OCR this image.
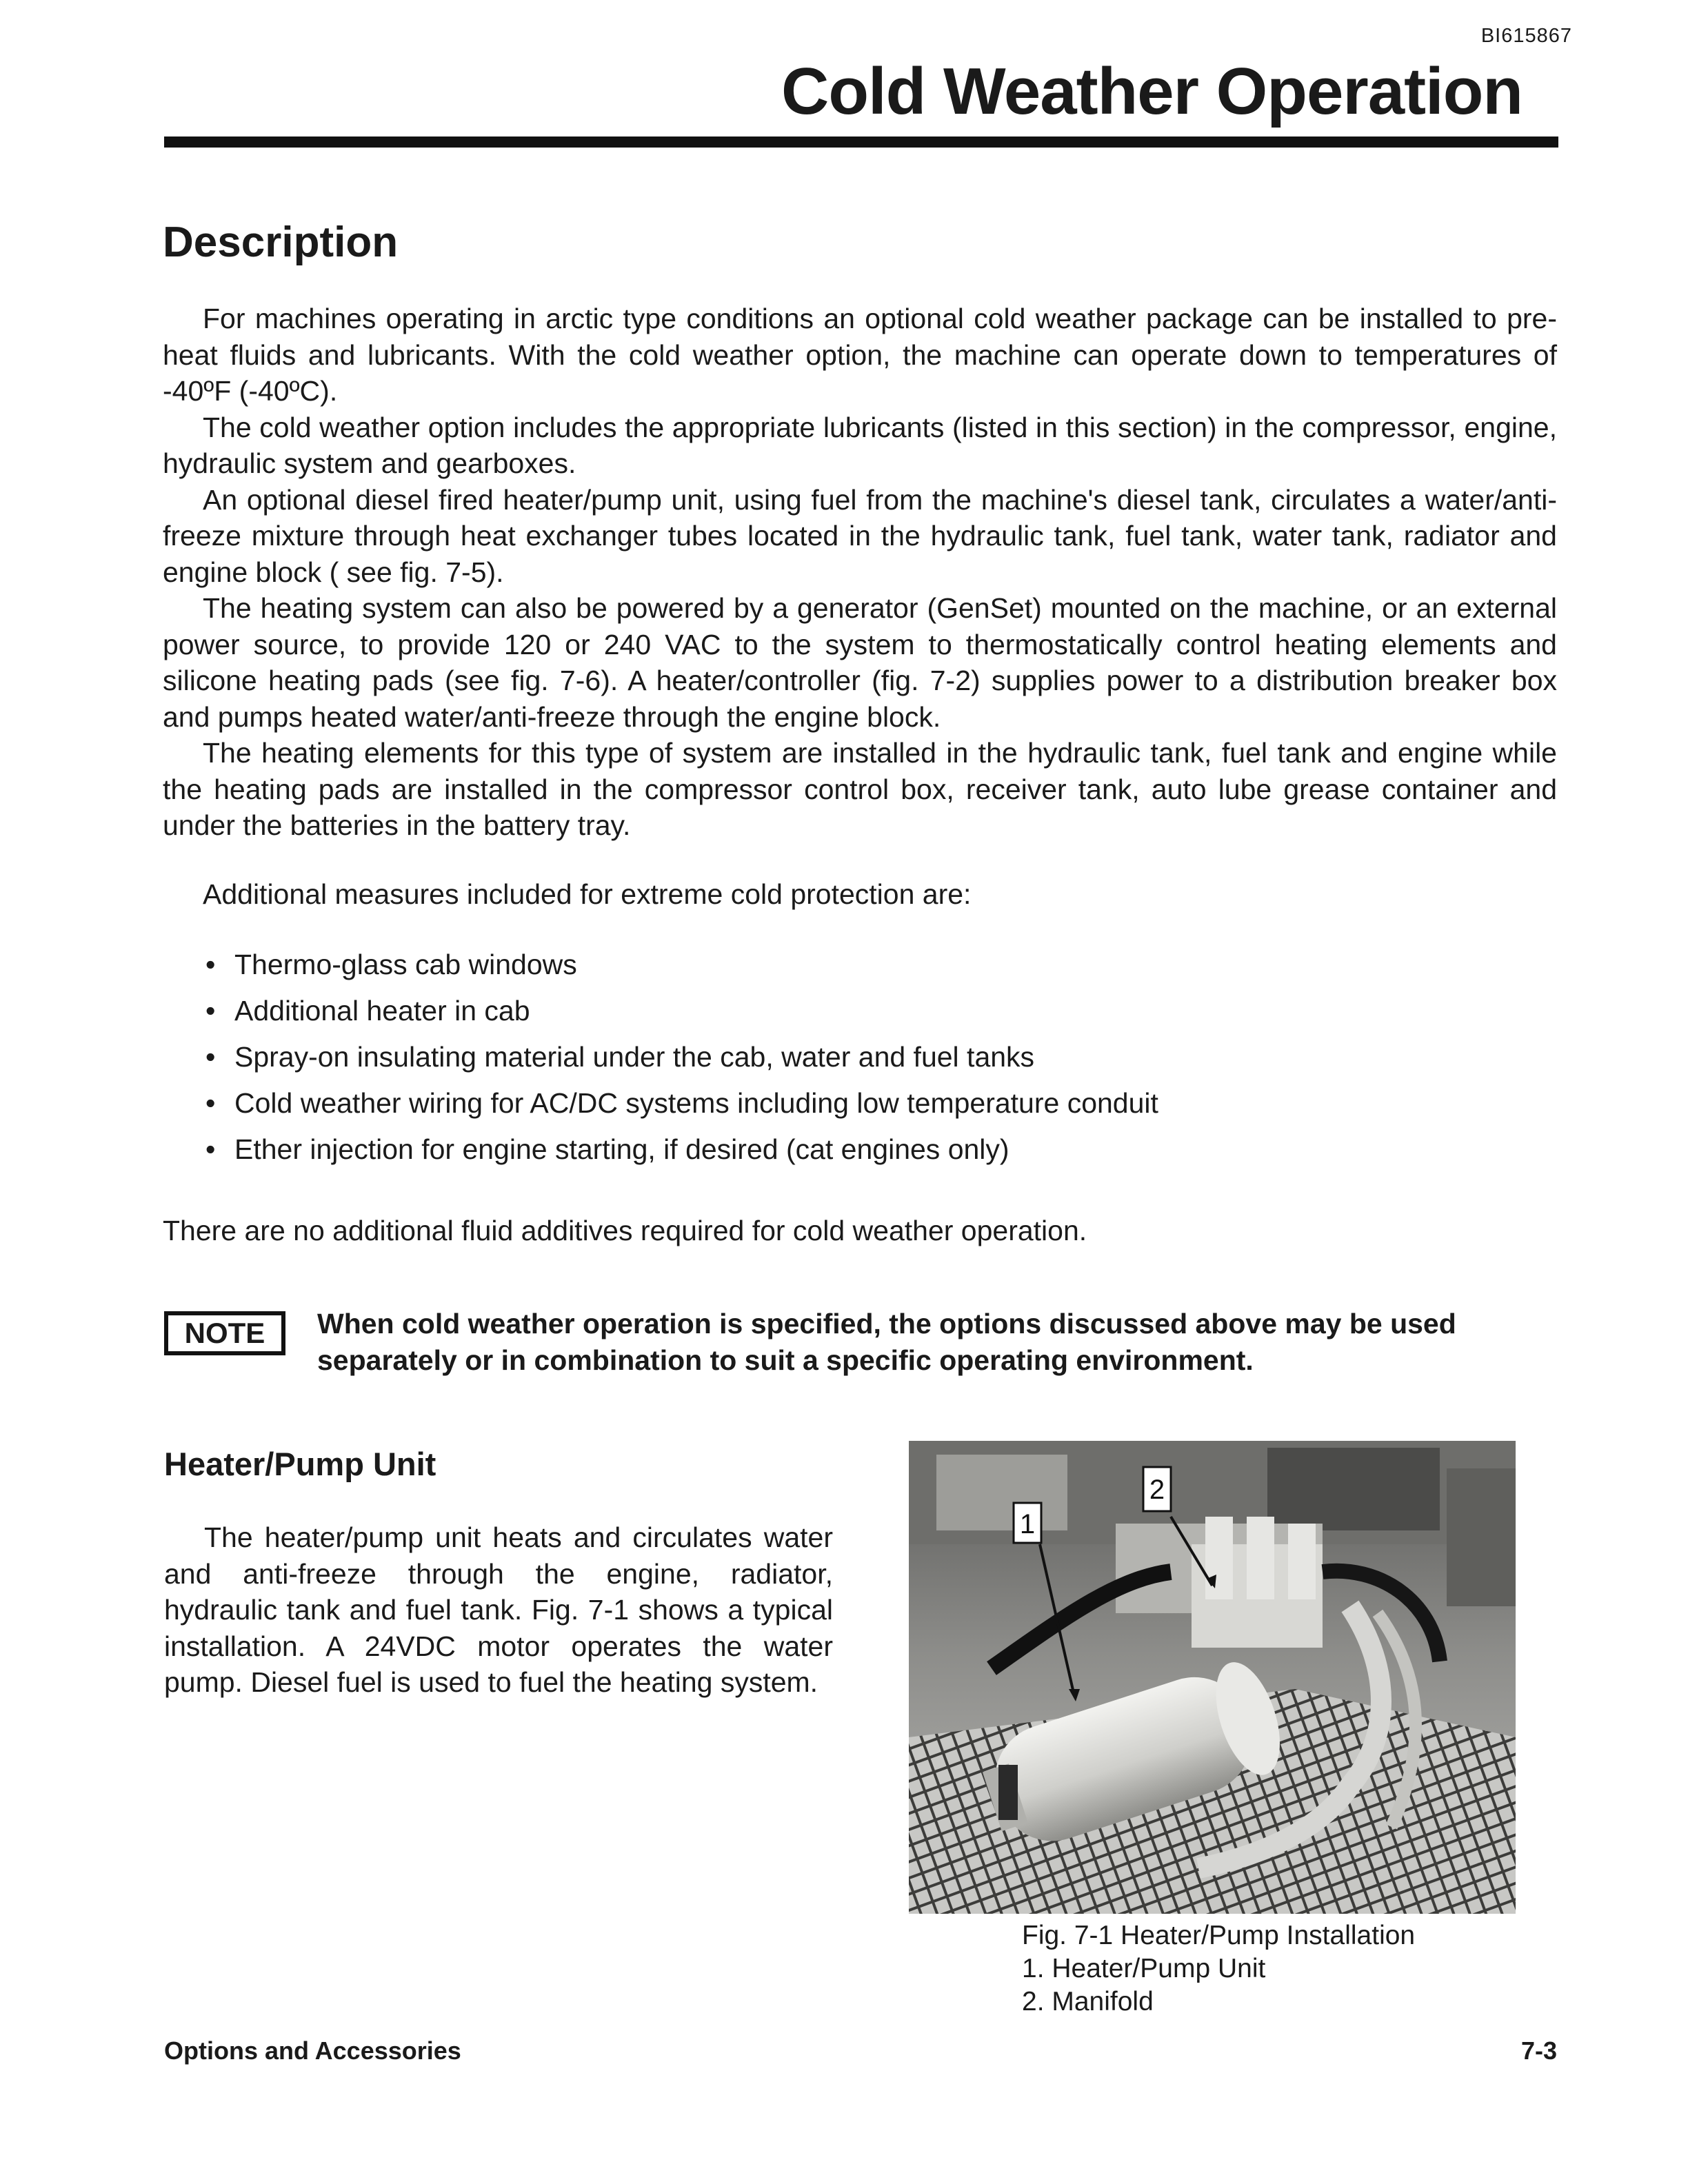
BI615867
Cold Weather Operation
Description

For machines operating in arctic type conditions an optional cold weather package can be installed to pre-heat fluids and lubricants. With the cold weather option, the machine can operate down to temperatures of -40ºF (-40ºC).

The cold weather option includes the appropriate lubricants (listed in this section) in the compressor, engine, hydraulic system and gearboxes.

An optional diesel fired heater/pump unit, using fuel from the machine's diesel tank, circulates a water/anti-freeze mixture through heat exchanger tubes located in the hydraulic tank, fuel tank, water tank, radiator and engine block ( see fig. 7-5).

The heating system can also be powered by a generator (GenSet) mounted on the machine, or an external power source, to provide 120 or 240 VAC to the system to thermostatically control heating elements and silicone heating pads (see fig. 7-6). A heater/controller (fig. 7-2) supplies power to a distribution breaker box and pumps heated water/anti-freeze through the engine block.

The heating elements for this type of system are installed in the hydraulic tank, fuel tank and engine while the heating pads are installed in the compressor control box, receiver tank, auto lube grease container and under the batteries in the battery tray.

Additional measures included for extreme cold protection are:

• Thermo-glass cab windows
• Additional heater in cab
• Spray-on insulating material under the cab, water and fuel tanks
• Cold weather wiring for AC/DC systems including low temperature conduit
• Ether injection for engine starting, if desired (cat engines only)

There are no additional fluid additives required for cold weather operation.

NOTE	When cold weather operation is specified, the options discussed above may be used separately or in combination to suit a specific operating environment.

Heater/Pump Unit

The heater/pump unit heats and circulates water and anti-freeze through the engine, radiator, hydraulic tank and fuel tank. Fig. 7-1 shows a typical installation. A 24VDC motor operates the water pump. Diesel fuel is used to fuel the heating system.

1
2
Fig. 7-1 Heater/Pump Installation
1. Heater/Pump Unit
2. Manifold
Options and Accessories	7-3
